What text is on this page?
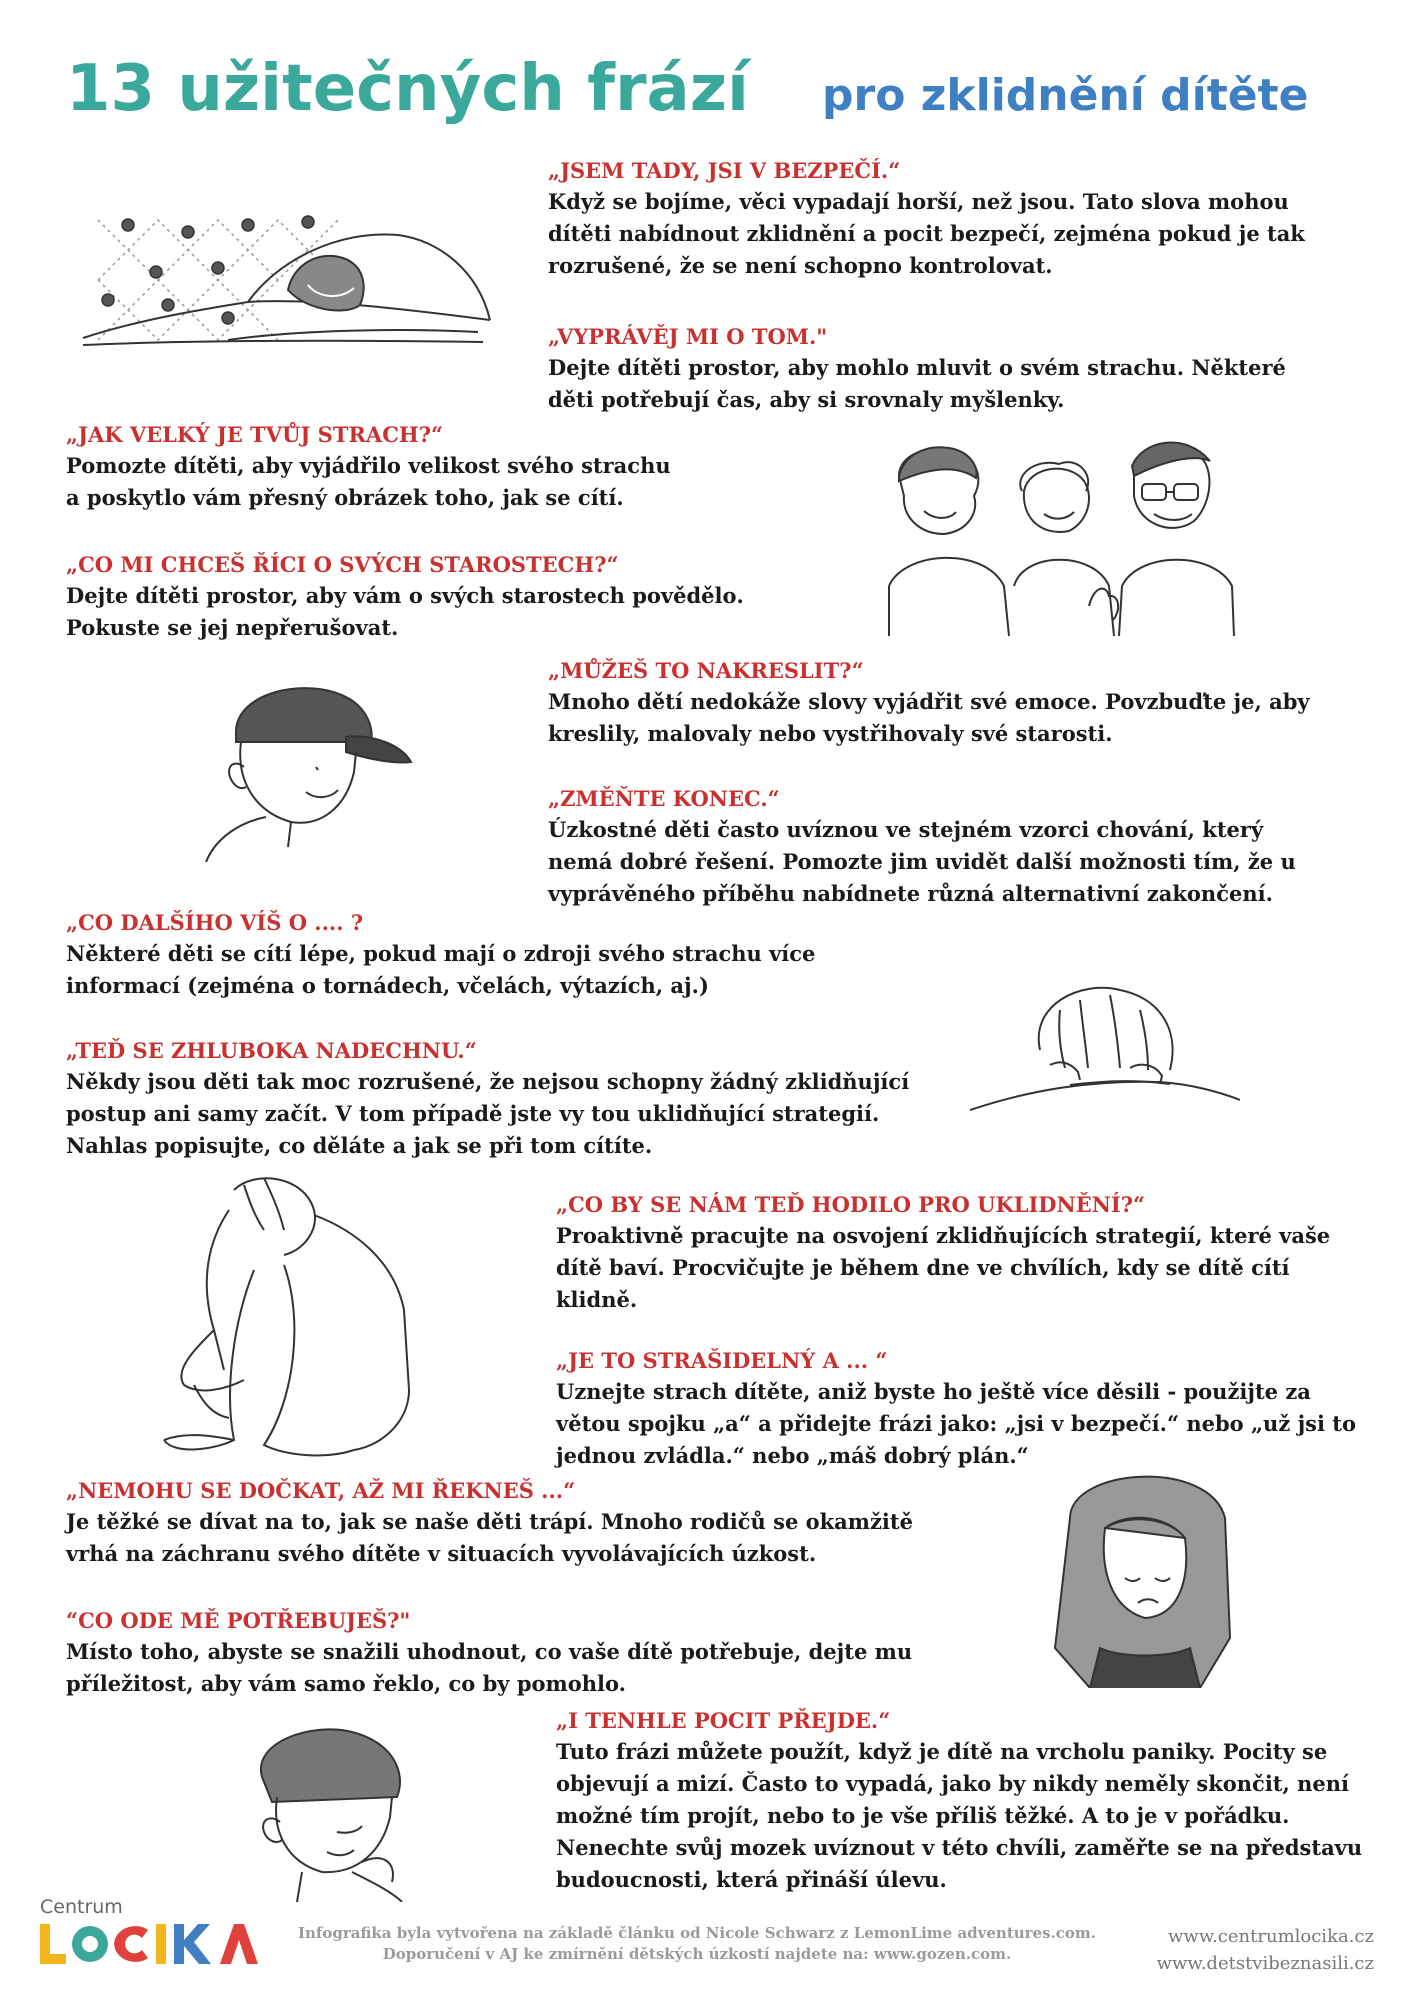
13 užitečných frází pro zklidnění dítěte
„JSEM TADY, JSI V BEZPEČÍ.“
Když se bojíme, věci vypadají horší, než jsou. Tato slova mohou
dítěti nabídnout zklidnění a pocit bezpečí, zejména pokud je tak
rozrušené, že se není schopno kontrolovat.
„VYPRÁVĚJ MI O TOM."
Dejte dítěti prostor, aby mohlo mluvit o svém strachu. Některé
děti potřebují čas, aby si srovnaly myšlenky.
„JAK VELKÝ JE TVŮJ STRACH?“
Pomozte dítěti, aby vyjádřilo velikost svého strachu
a poskytlo vám přesný obrázek toho, jak se cítí.
„CO MI CHCEŠ ŘÍCI O SVÝCH STAROSTECH?“
Dejte dítěti prostor, aby vám o svých starostech povědělо.
Pokuste se jej nepřerušovat.
„MŮŽEŠ TO NAKRESLIT?“
Mnoho dětí nedokáže slovy vyjádřit své emoce. Povzbuďte je, aby
kreslily, malovaly nebo vystřihovaly své starosti.
„ZMĚŇTE KONEC.“
Úzkostné děti často uvíznou ve stejném vzorci chování, který
nemá dobré řešení. Pomozte jim uvidět další možnosti tím, že u
vyprávěného příběhu nabídnete různá alternativní zakončení.
„CO DALŠÍHO VÍŠ O .... ?
Některé děti se cítí lépe, pokud mají o zdroji svého strachu více
informací (zejména o tornádech, včelách, výtazích, aj.)
„TEĎ SE ZHLUBOKA NADECHNU.“
Někdy jsou děti tak moc rozrušené, že nejsou schopny žádný zklidňující
postup ani samy začít. V tom případě jste vy tou uklidňující strategií.
Nahlas popisujte, co děláte a jak se při tom cítíte.
„CO BY SE NÁM TEĎ HODILO PRO UKLIDNĚNÍ?“
Proaktivně pracujte na osvojení zklidňujících strategií, které vaše
dítě baví. Procvičujte je během dne ve chvílích, kdy se dítě cítí
klidně.
„JE TO STRAŠIDELNÝ A ... “
Uznejte strach dítěte, aniž byste ho ještě více děsili - použijte za
větou spojku „a“ a přidejte frázi jako: „jsi v bezpečí.“ nebo „už jsi to
jednou zvládla.“ nebo „máš dobrý plán.“
„NEMOHU SE DOČKAT, AŽ MI ŘEKNEŠ ...“
Je těžké se dívat na to, jak se naše děti trápí. Mnoho rodičů se okamžitě
vrhá na záchranu svého dítěte v situacích vyvolávajících úzkost.
“CO ODE MĚ POTŘEBUJEŠ?"
Místo toho, abyste se snažili uhodnout, co vaše dítě potřebuje, dejte mu
příležitost, aby vám samo řeklo, co by pomohlo.
„I TENHLE POCIT PŘEJDE.“
Tuto frázi můžete použít, když je dítě na vrcholu paniky. Pocity se
objevují a mizí. Často to vypadá, jako by nikdy neměly skončit, není
možné tím projít, nebo to je vše příliš těžké. A to je v pořádku.
Nenechte svůj mozek uvíznout v této chvíli, zaměřte se na představu
budoucnosti, která přináší úlevu.
Centrum
Infografika byla vytvořena na základě článku od Nicole Schwarz z LemonLime adventures.com.
Doporučení v AJ ke zmírnění dětských úzkostí najdete na: www.gozen.com.
www.centrumlocika.cz
www.detstvibeznasili.cz
